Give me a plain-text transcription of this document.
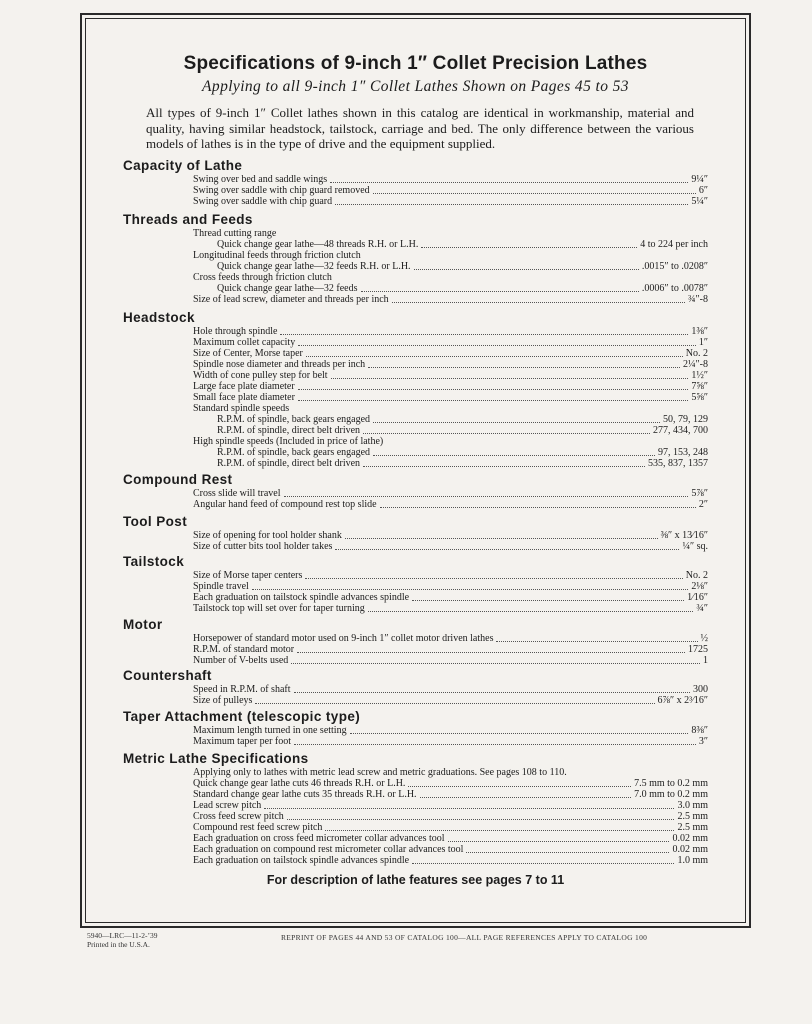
Specifications of 9-inch 1″ Collet Precision Lathes
Applying to all 9-inch 1″ Collet Lathes Shown on Pages 45 to 53
All types of 9-inch 1″ Collet lathes shown in this catalog are identical in workmanship, material and quality, having similar headstock, tailstock, carriage and bed. The only difference between the various models of lathes is in the type of drive and the equipment supplied.
Capacity of Lathe
Swing over bed and saddle wings	9¼″
Swing over saddle with chip guard removed	6″
Swing over saddle with chip guard	5¼″
Threads and Feeds
Thread cutting range
Quick change gear lathe—48 threads R.H. or L.H.	4 to 224 per inch
Longitudinal feeds through friction clutch
Quick change gear lathe—32 feeds R.H. or L.H.	.0015″ to .0208″
Cross feeds through friction clutch
Quick change gear lathe—32 feeds	.0006″ to .0078″
Size of lead screw, diameter and threads per inch	¾″-8
Headstock
Hole through spindle	1⅜″
Maximum collet capacity	1″
Size of Center, Morse taper	No. 2
Spindle nose diameter and threads per inch	2¼″-8
Width of cone pulley step for belt	1½″
Large face plate diameter	7⅝″
Small face plate diameter	5⅝″
Standard spindle speeds
R.P.M. of spindle, back gears engaged	50, 79, 129
R.P.M. of spindle, direct belt driven	277, 434, 700
High spindle speeds (Included in price of lathe)
R.P.M. of spindle, back gears engaged	97, 153, 248
R.P.M. of spindle, direct belt driven	535, 837, 1357
Compound Rest
Cross slide will travel	5⅞″
Angular hand feed of compound rest top slide	2″
Tool Post
Size of opening for tool holder shank	⅜″ x 13⁄16″
Size of cutter bits tool holder takes	¼″ sq.
Tailstock
Size of Morse taper centers	No. 2
Spindle travel	2⅛″
Each graduation on tailstock spindle advances spindle	1⁄16″
Tailstock top will set over for taper turning	¾″
Motor
Horsepower of standard motor used on 9-inch 1″ collet motor driven lathes	½
R.P.M. of standard motor	1725
Number of V-belts used	1
Countershaft
Speed in R.P.M. of shaft	300
Size of pulleys	6⅞″ x 2³⁄16″
Taper Attachment (telescopic type)
Maximum length turned in one setting	8⅜″
Maximum taper per foot	3″
Metric Lathe Specifications
Applying only to lathes with metric lead screw and metric graduations. See pages 108 to 110.
Quick change gear lathe cuts 46 threads R.H. or L.H.	7.5 mm to 0.2 mm
Standard change gear lathe cuts 35 threads R.H. or L.H.	7.0 mm to 0.2 mm
Lead screw pitch	3.0 mm
Cross feed screw pitch	2.5 mm
Compound rest feed screw pitch	2.5 mm
Each graduation on cross feed micrometer collar advances tool	0.02 mm
Each graduation on compound rest micrometer collar advances tool	0.02 mm
Each graduation on tailstock spindle advances spindle	1.0 mm
For description of lathe features see pages 7 to 11
5940—LRC—11-2-’39
Printed in the U.S.A.
REPRINT OF PAGES 44 AND 53 OF CATALOG 100—ALL PAGE REFERENCES APPLY TO CATALOG 100
